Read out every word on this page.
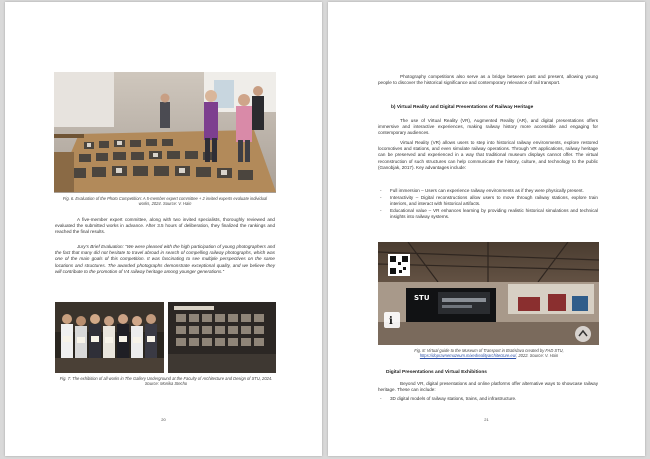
Fig. 6. Evaluation of the Photo Competition: A 5-member expert committee + 2 invited experts evaluate individual works, 2024. Source: V. Hain

A five-member expert committee, along with two invited specialists, thoroughly reviewed and evaluated the submitted works in advance. After 3.5 hours of deliberation, they finalized the rankings and reached the final results.

Jury’s Brief Evaluation: “We were pleased with the high participation of young photographers and the fact that many did not hesitate to travel abroad in search of compelling railway photographs, which was one of the main goals of this competition. It was fascinating to see multiple perspectives on the same locations and structures. The awarded photographs demonstrate exceptional quality, and we believe they will contribute to the promotion of V4 railway heritage among younger generations.”

Fig. 7: The exhibition of all works in The Gallery Underground at the Faculty of Architecture and Design of STU, 2024. Source: Monika Stecho
20

Photography competitions also serve as a bridge between past and present, allowing young people to discover the historical significance and contemporary relevance of rail transport.

b) Virtual Reality and Digital Presentations of Railway Heritage

The use of Virtual Reality (VR), Augmented Reality (AR), and digital presentations offers immersive and interactive experiences, making railway history more accessible and engaging for contemporary audiences.

Virtual Reality (VR) allows users to step into historical railway environments, explore restored locomotives and stations, and even simulate railway operations. Through VR applications, railway heritage can be preserved and experienced in a way that traditional museum displays cannot offer. The virtual reconstruction of such structures can help communicate the history, culture, and technology to the public (Ganobjak, 2017). Key advantages include:

- Full immersion – Users can experience railway environments as if they were physically present.
- Interactivity – Digital reconstructions allow users to move through railway stations, explore train interiors, and interact with historical artifacts.
- Educational value – VR enhances learning by providing realistic historical simulations and technical insights into railway systems.
STU
i
Fig. 8: Virtual guide to the Museum of Transport in Bratislava created by FAD STU, https://dopravnemuzeum.mixedrealityarchitecture.eu/, 2022. Source: V. Hain

Digital Presentations and Virtual Exhibitions

Beyond VR, digital presentations and online platforms offer alternative ways to showcase railway heritage. These can include:

- 3D digital models of railway stations, trains, and infrastructure.
21
